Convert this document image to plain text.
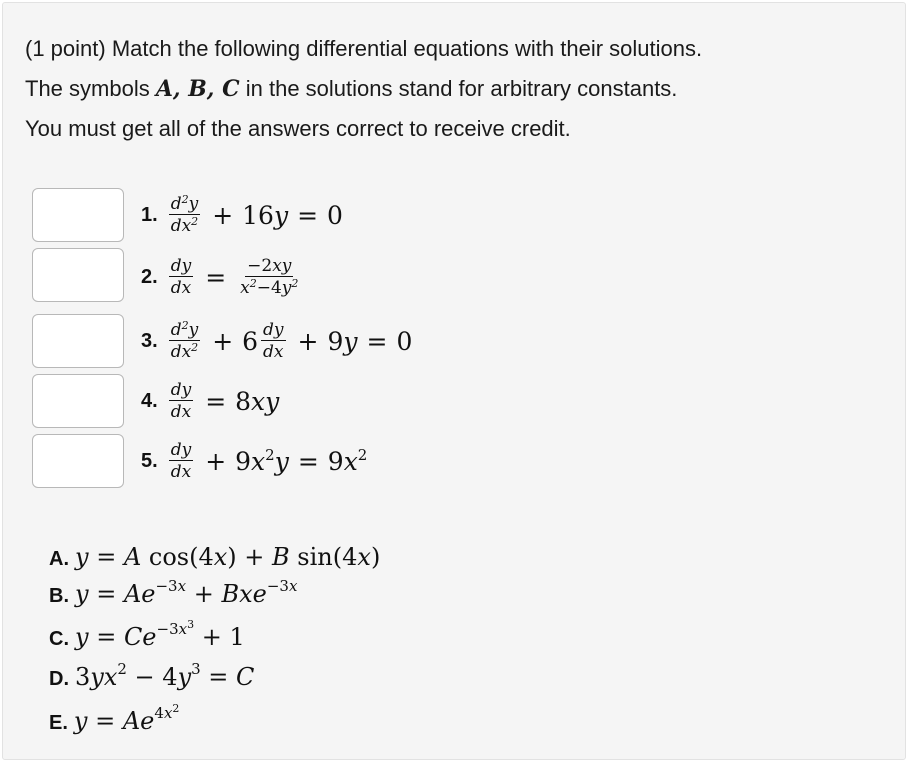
(1 point) Match the following differential equations with their solutions.
The symbols A, B, C in the solutions stand for arbitrary constants.
You must get all of the answers correct to receive credit.
1. $\frac{d^2y}{dx^2} + 16y = 0$
2. $\frac{dy}{dx} = \frac{-2xy}{x^2-4y^2}$
3. $\frac{d^2y}{dx^2} + 6 \frac{dy}{dx} + 9y = 0$
4. $\frac{dy}{dx} = 8xy$
5. $\frac{dy}{dx} + 9x^2y = 9x^2$
A. y = A cos(4x) + B sin(4x)
B. $y = Ae^{-3x} + Bxe^{-3x}$
C. $y = Ce^{-3x^3} + 1$
D. $3yx^2 - 4y^3 = C$
E. $y = Ae^{4x^2}$
